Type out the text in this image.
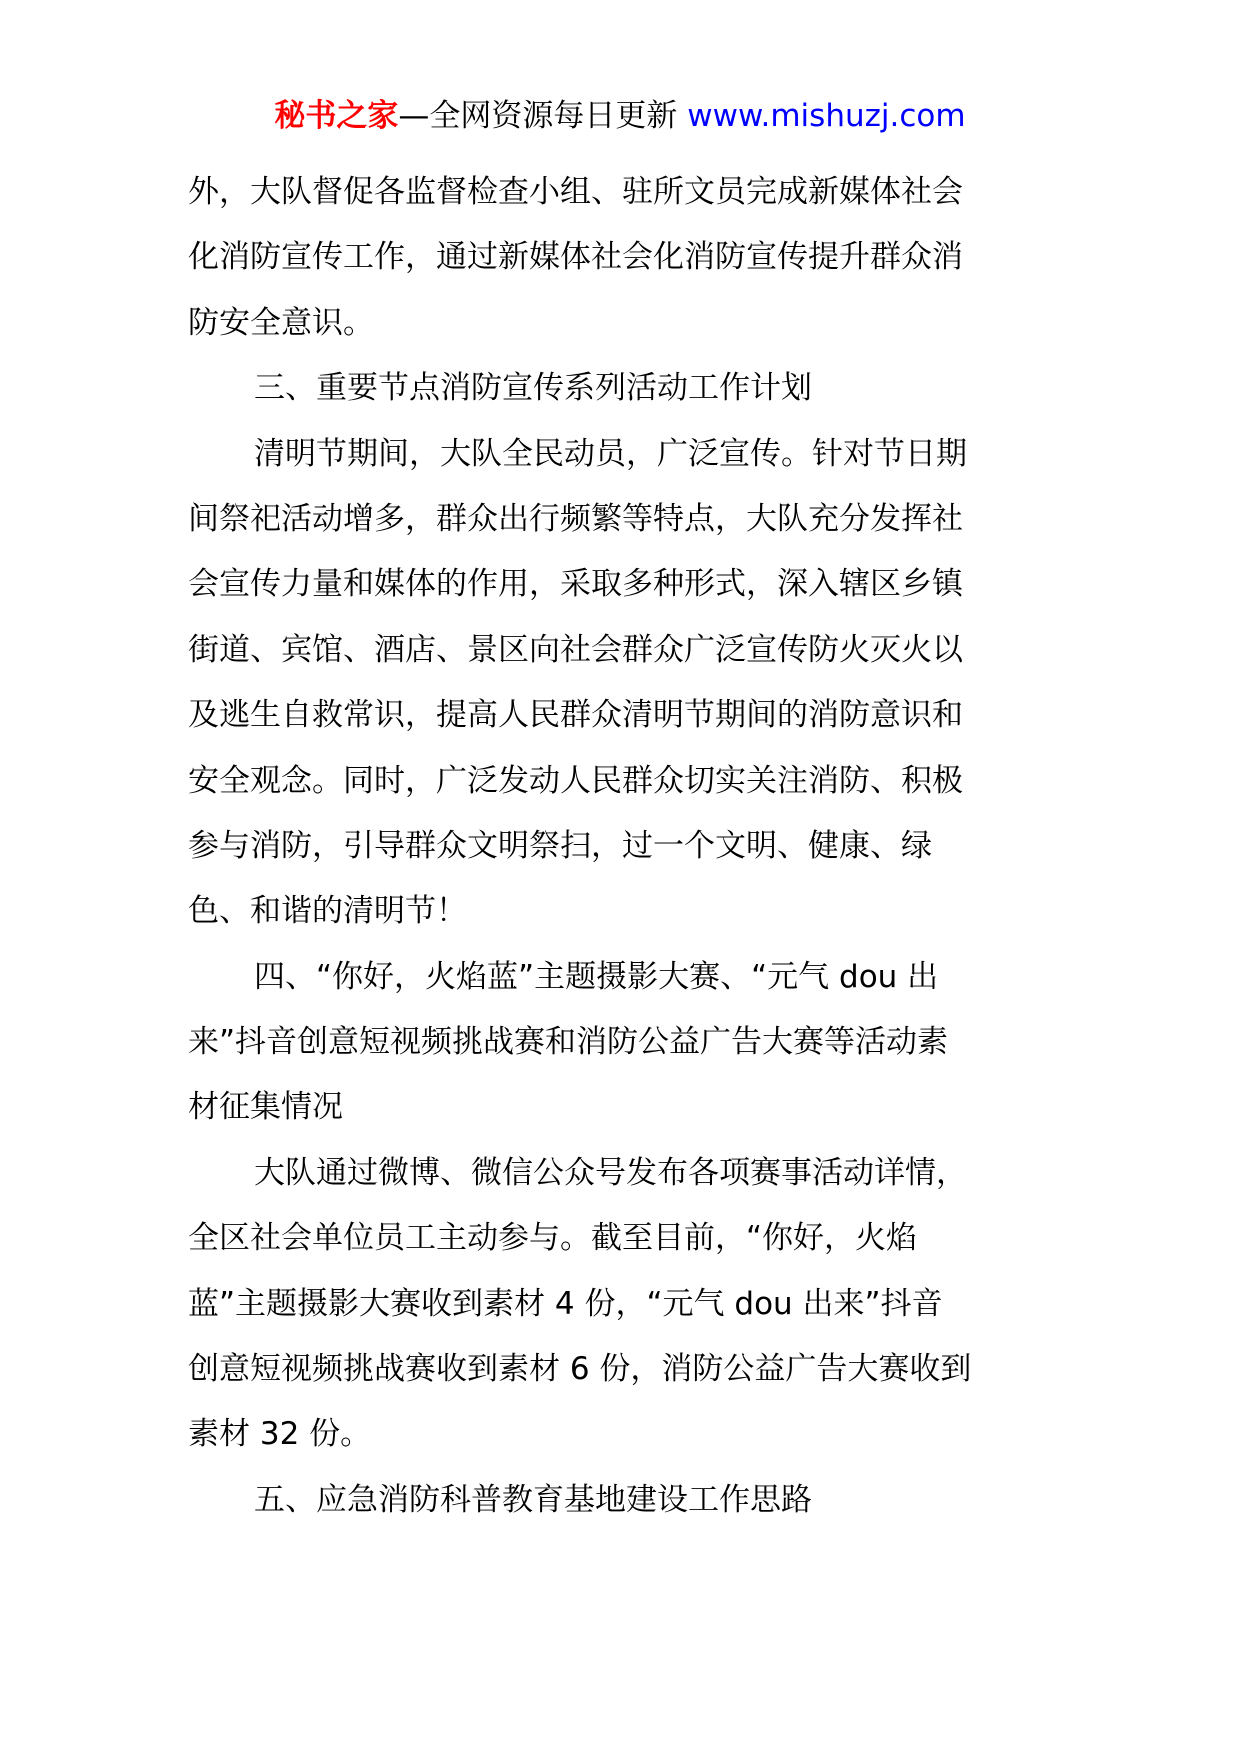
秘书之家—全网资源每日更新 www.mishuzj.com
外，大队督促各监督检查小组、驻所文员完成新媒体社会
化消防宣传工作，通过新媒体社会化消防宣传提升群众消
防安全意识。
三、重要节点消防宣传系列活动工作计划
清明节期间，大队全民动员，广泛宣传。针对节日期
间祭祀活动增多，群众出行频繁等特点，大队充分发挥社
会宣传力量和媒体的作用，采取多种形式，深入辖区乡镇
街道、宾馆、酒店、景区向社会群众广泛宣传防火灭火以
及逃生自救常识，提高人民群众清明节期间的消防意识和
安全观念。同时，广泛发动人民群众切实关注消防、积极
参与消防，引导群众文明祭扫，过一个文明、健康、绿
色、和谐的清明节！
四、“你好，火焰蓝”主题摄影大赛、“元气 dou 出
来”抖音创意短视频挑战赛和消防公益广告大赛等活动素
材征集情况
大队通过微博、微信公众号发布各项赛事活动详情，
全区社会单位员工主动参与。截至目前，“你好，火焰
蓝”主题摄影大赛收到素材 4 份，“元气 dou 出来”抖音
创意短视频挑战赛收到素材 6 份，消防公益广告大赛收到
素材 32 份。
五、应急消防科普教育基地建设工作思路
